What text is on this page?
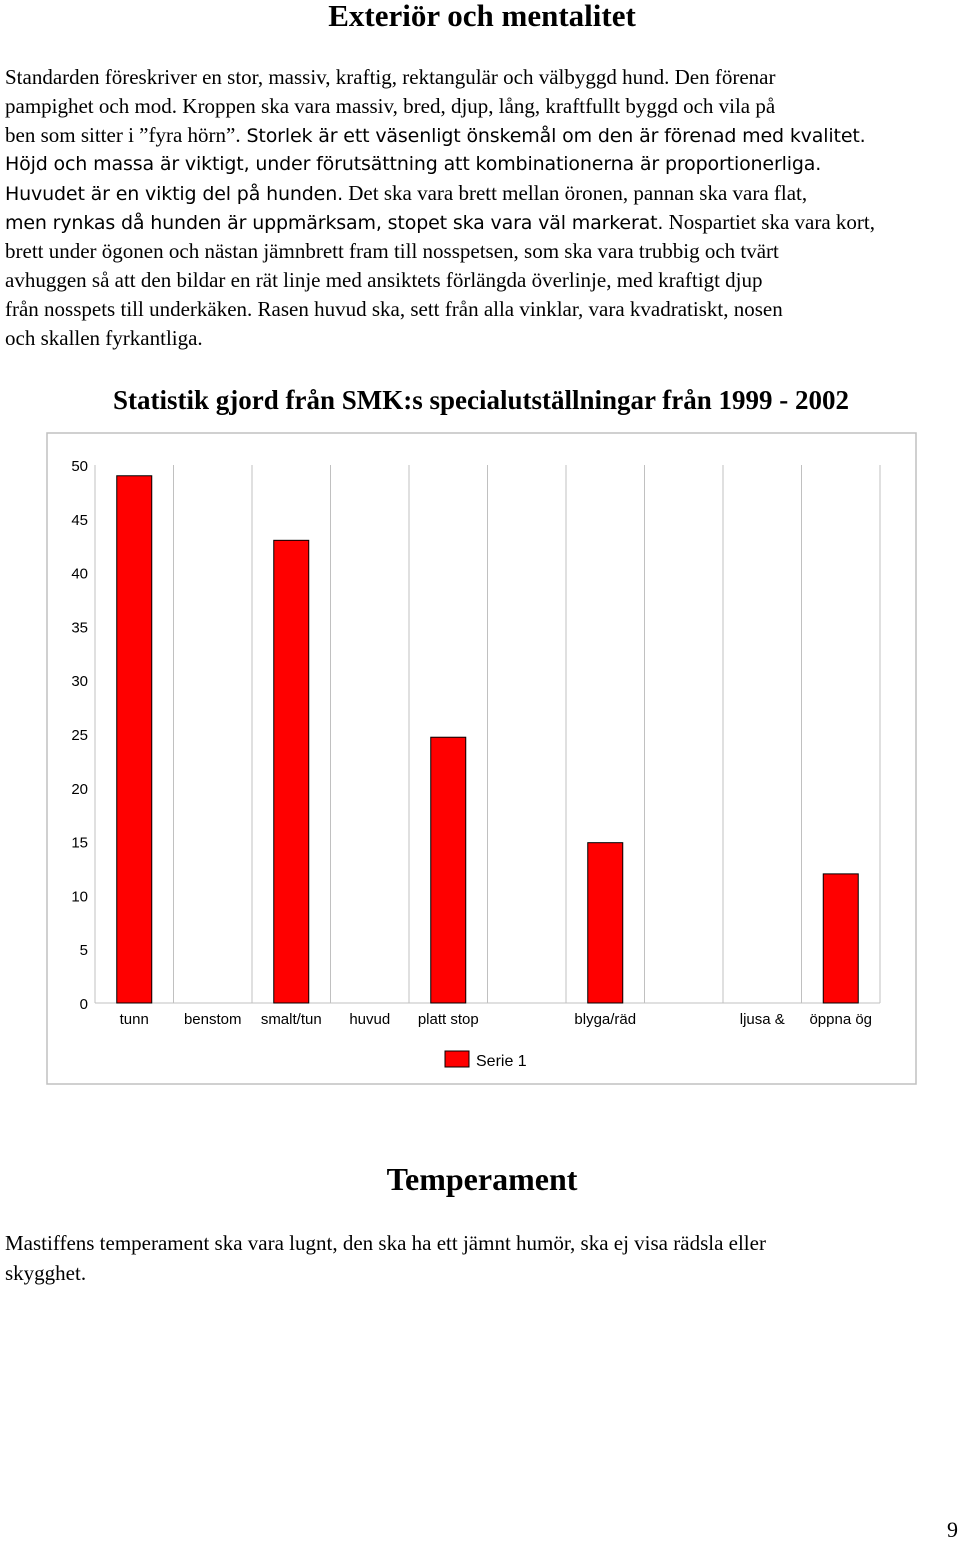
Exteriör och mentalitet
Standarden föreskriver en stor, massiv, kraftig, rektangulär och välbyggd hund. Den förenar
pampighet och mod. Kroppen ska vara massiv, bred, djup, lång, kraftfullt byggd och vila på
ben som sitter i ”fyra hörn”. Storlek är ett väsenligt önskemål om den är förenad med kvalitet.
Höjd och massa är viktigt, under förutsättning att kombinationerna är proportionerliga.
Huvudet är en viktig del på hunden. Det ska vara brett mellan öronen, pannan ska vara flat,
men rynkas då hunden är uppmärksam, stopet ska vara väl markerat. Nospartiet ska vara kort,
brett under ögonen och nästan jämnbrett fram till nosspetsen, som ska vara trubbig och tvärt
avhuggen så att den bildar en rät linje med ansiktets förlängda överlinje, med kraftigt djup
från nosspets till underkäken. Rasen huvud ska, sett från alla vinklar, vara kvadratiskt, nosen
och skallen fyrkantliga.
Statistik gjord från SMK:s specialutställningar från 1999 - 2002
0
5
10
15
20
25
30
35
40
45
50
tunn benstom smalt/tun huvud platt stop	blyga/räd	ljusa & öppna ög
Serie 1
Temperament
Mastiffens temperament ska vara lugnt, den ska ha ett jämnt humör, ska ej visa rädsla eller
skygghet.
9
